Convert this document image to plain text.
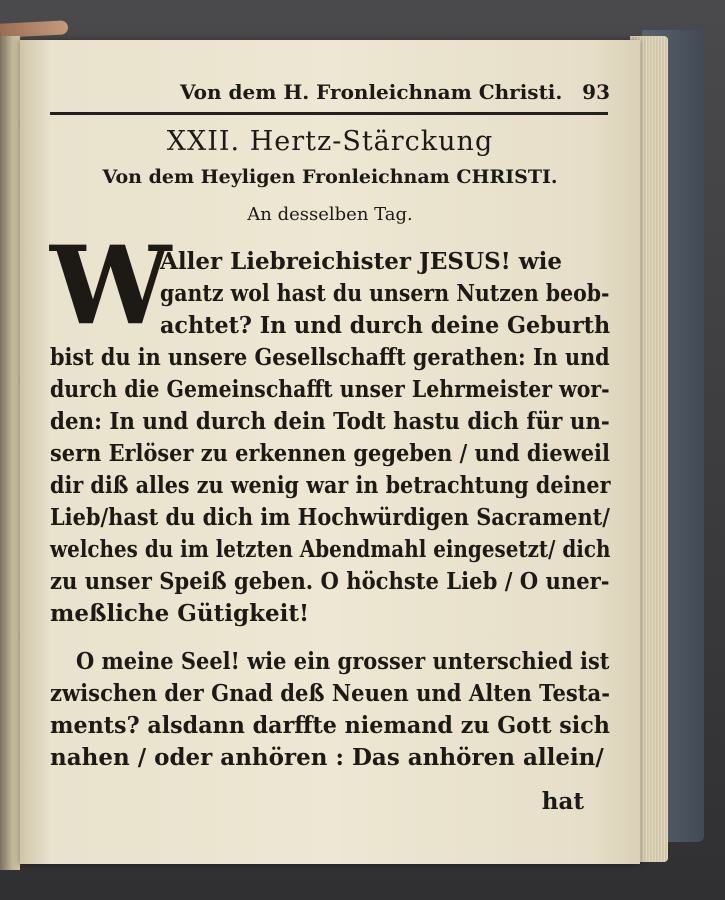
Von dem H. Fronleichnam Christi. 93
XXII. Hertz-Stärckung
Von dem Heyligen Fronleichnam CHRISTI.
An desselben Tag.
W
Aller Liebreichister JESUS! wie
gantz wol hast du unsern Nutzen beob-
achtet? In und durch deine Geburth
bist du in unsere Gesellschafft gerathen: In und
durch die Gemeinschafft unser Lehrmeister wor-
den: In und durch dein Todt hastu dich für un-
sern Erlöser zu erkennen gegeben / und dieweil
dir diß alles zu wenig war in betrachtung deiner
Lieb/hast du dich im Hochwürdigen Sacrament/
welches du im letzten Abendmahl eingesetzt/ dich
zu unser Speiß geben. O höchste Lieb / O uner-
meßliche Gütigkeit!
O meine Seel! wie ein grosser unterschied ist
zwischen der Gnad deß Neuen und Alten Testa-
ments? alsdann darffte niemand zu Gott sich
nahen / oder anhören : Das anhören allein/
hat
